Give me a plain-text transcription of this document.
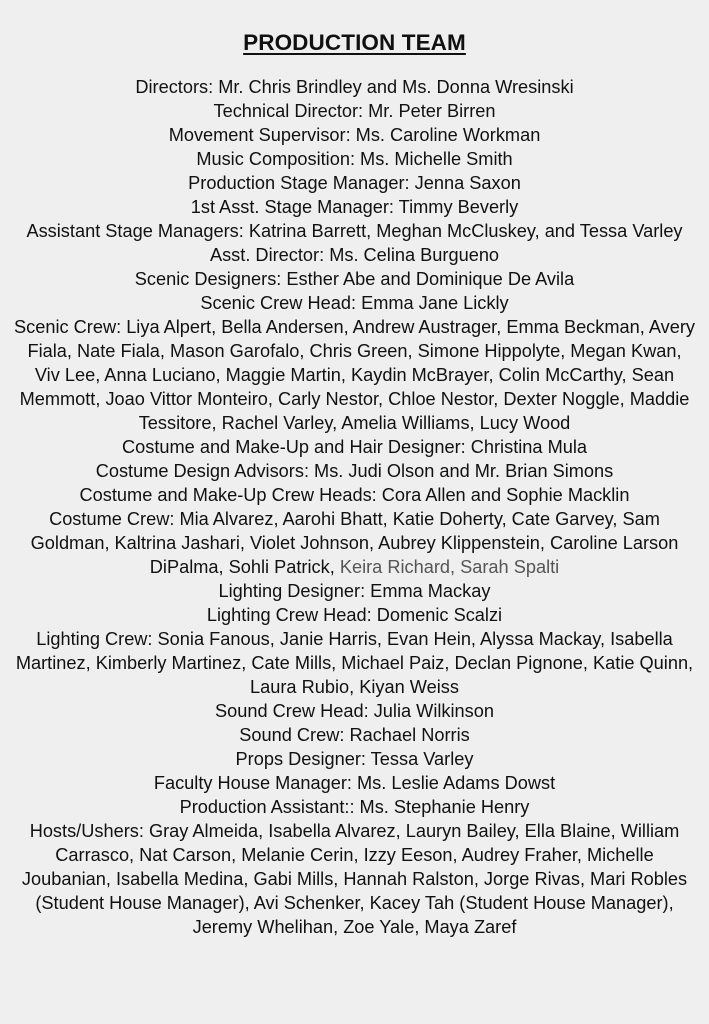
PRODUCTION TEAM

Directors: Mr. Chris Brindley and Ms. Donna Wresinski

Technical Director: Mr. Peter Birren

Movement Supervisor: Ms. Caroline Workman

Music Composition: Ms. Michelle Smith

Production Stage Manager: Jenna Saxon

1st Asst. Stage Manager: Timmy Beverly

Assistant Stage Managers: Katrina Barrett, Meghan McCluskey, and Tessa Varley

Asst. Director: Ms. Celina Burgueno

Scenic Designers: Esther Abe and Dominique De Avila

Scenic Crew Head: Emma Jane Lickly

Scenic Crew: Liya Alpert, Bella Andersen, Andrew Austrager, Emma Beckman, Avery Fiala, Nate Fiala, Mason Garofalo, Chris Green, Simone Hippolyte, Megan Kwan, Viv Lee, Anna Luciano, Maggie Martin, Kaydin McBrayer, Colin McCarthy, Sean Memmott, Joao Vittor Monteiro, Carly Nestor, Chloe Nestor, Dexter Noggle, Maddie Tessitore, Rachel Varley, Amelia Williams, Lucy Wood

Costume and Make-Up and Hair Designer: Christina Mula

Costume Design Advisors: Ms. Judi Olson and Mr. Brian Simons

Costume and Make-Up Crew Heads: Cora Allen and Sophie Macklin

Costume Crew: Mia Alvarez, Aarohi Bhatt, Katie Doherty, Cate Garvey, Sam Goldman, Kaltrina Jashari, Violet Johnson, Aubrey Klippenstein, Caroline Larson DiPalma, Sohli Patrick, Keira Richard, Sarah Spalti

Lighting Designer: Emma Mackay

Lighting Crew Head: Domenic Scalzi

Lighting Crew: Sonia Fanous, Janie Harris, Evan Hein, Alyssa Mackay, Isabella Martinez, Kimberly Martinez, Cate Mills, Michael Paiz, Declan Pignone, Katie Quinn, Laura Rubio, Kiyan Weiss

Sound Crew Head: Julia Wilkinson

Sound Crew: Rachael Norris

Props Designer: Tessa Varley

Faculty House Manager: Ms. Leslie Adams Dowst

Production Assistant:: Ms. Stephanie Henry

Hosts/Ushers: Gray Almeida, Isabella Alvarez, Lauryn Bailey, Ella Blaine, William Carrasco, Nat Carson, Melanie Cerin, Izzy Eeson, Audrey Fraher, Michelle Joubanian, Isabella Medina, Gabi Mills, Hannah Ralston, Jorge Rivas, Mari Robles (Student House Manager), Avi Schenker, Kacey Tah (Student House Manager), Jeremy Whelihan, Zoe Yale, Maya Zaref
